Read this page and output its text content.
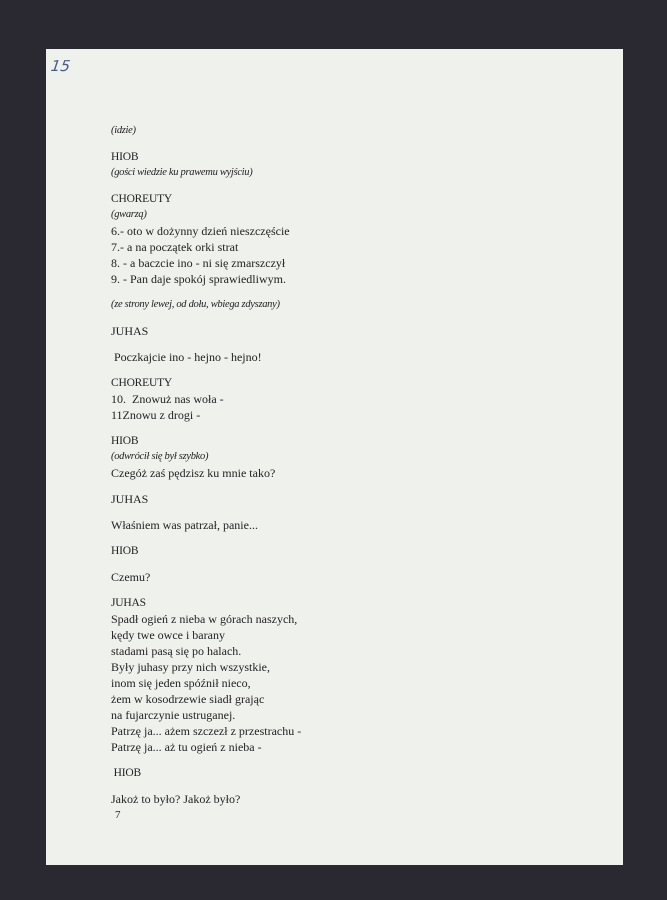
15
(idzie)
HIOB
(gości wiedzie ku prawemu wyjściu)
CHOREUTY
(gwarzą)
6.- oto w dożynny dzień nieszczęście
7.- a na początek orki strat
8. - a baczcie ino - ni się zmarszczył
9. - Pan daje spokój sprawiedliwym.
(ze strony lewej, od dołu, wbiega zdyszany)
JUHAS
Poczkajcie ino - hejno - hejno!
CHOREUTY
10.  Znowuż nas woła -
11Znowu z drogi -
HIOB
(odwrócił się był szybko)
Czegóż zaś pędzisz ku mnie tako?
JUHAS
Właśniem was patrzał, panie...
HIOB
Czemu?
JUHAS
Spadł ogień z nieba w górach naszych,
kędy twe owce i barany
stadami pasą się po halach.
Były juhasy przy nich wszystkie,
inom się jeden spóźnił nieco,
żem w kosodrzewie siadł grając
na fujarczynie ustruganej.
Patrzę ja... ażem szczezł z przestrachu -
Patrzę ja... aż tu ogień z nieba -
HIOB
Jakoż to było? Jakoż było?
7
